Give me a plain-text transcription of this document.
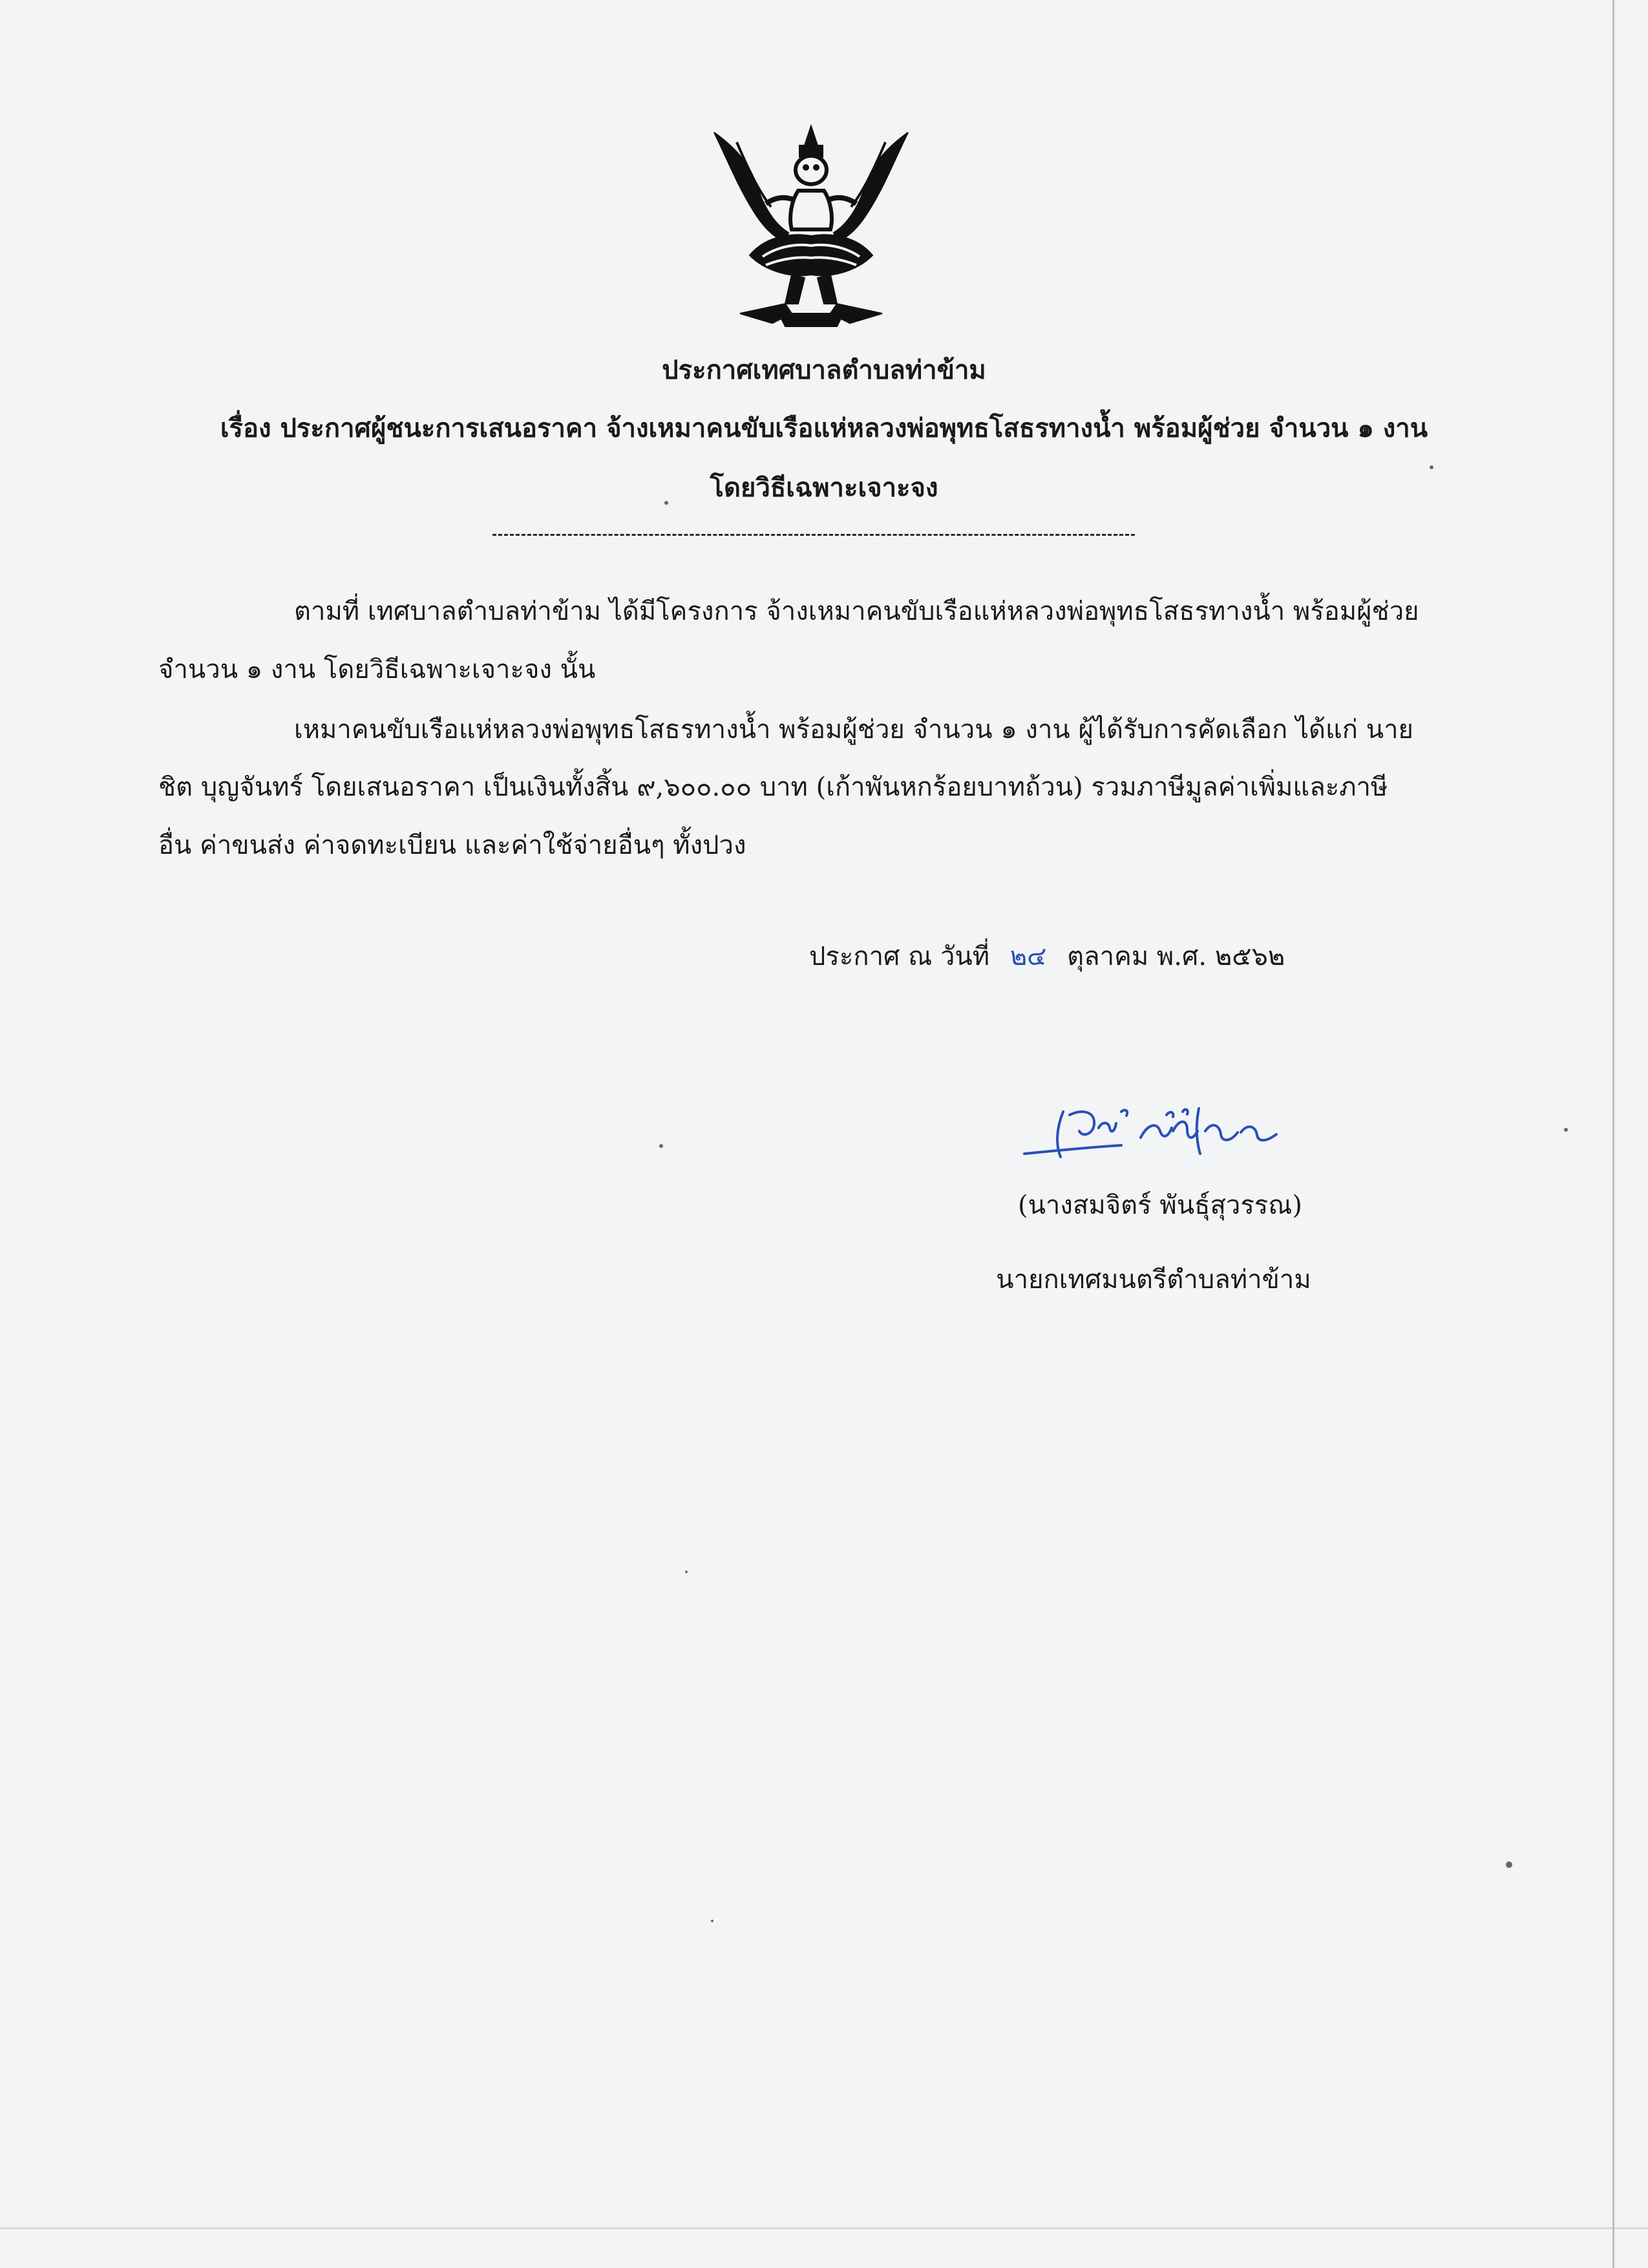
ประกาศเทศบาลตำบลท่าข้าม
เรื่อง ประกาศผู้ชนะการเสนอราคา จ้างเหมาคนขับเรือแห่หลวงพ่อพุทธโสธรทางน้ำ พร้อมผู้ช่วย จำนวน ๑ งาน
โดยวิธีเฉพาะเจาะจง
ตามที่ เทศบาลตำบลท่าข้าม ได้มีโครงการ จ้างเหมาคนขับเรือแห่หลวงพ่อพุทธโสธรทางน้ำ พร้อมผู้ช่วย
จำนวน ๑ งาน โดยวิธีเฉพาะเจาะจง นั้น
เหมาคนขับเรือแห่หลวงพ่อพุทธโสธรทางน้ำ พร้อมผู้ช่วย จำนวน ๑ งาน ผู้ได้รับการคัดเลือก ได้แก่ นาย
ชิต บุญจันทร์ โดยเสนอราคา เป็นเงินทั้งสิ้น ๙,๖๐๐.๐๐ บาท (เก้าพันหกร้อยบาทถ้วน) รวมภาษีมูลค่าเพิ่มและภาษี
อื่น ค่าขนส่ง ค่าจดทะเบียน และค่าใช้จ่ายอื่นๆ ทั้งปวง
ประกาศ ณ วันที่ ๒๔ ตุลาคม พ.ศ. ๒๕๖๒
(นางสมจิตร์ พันธุ์สุวรรณ)
นายกเทศมนตรีตำบลท่าข้าม
